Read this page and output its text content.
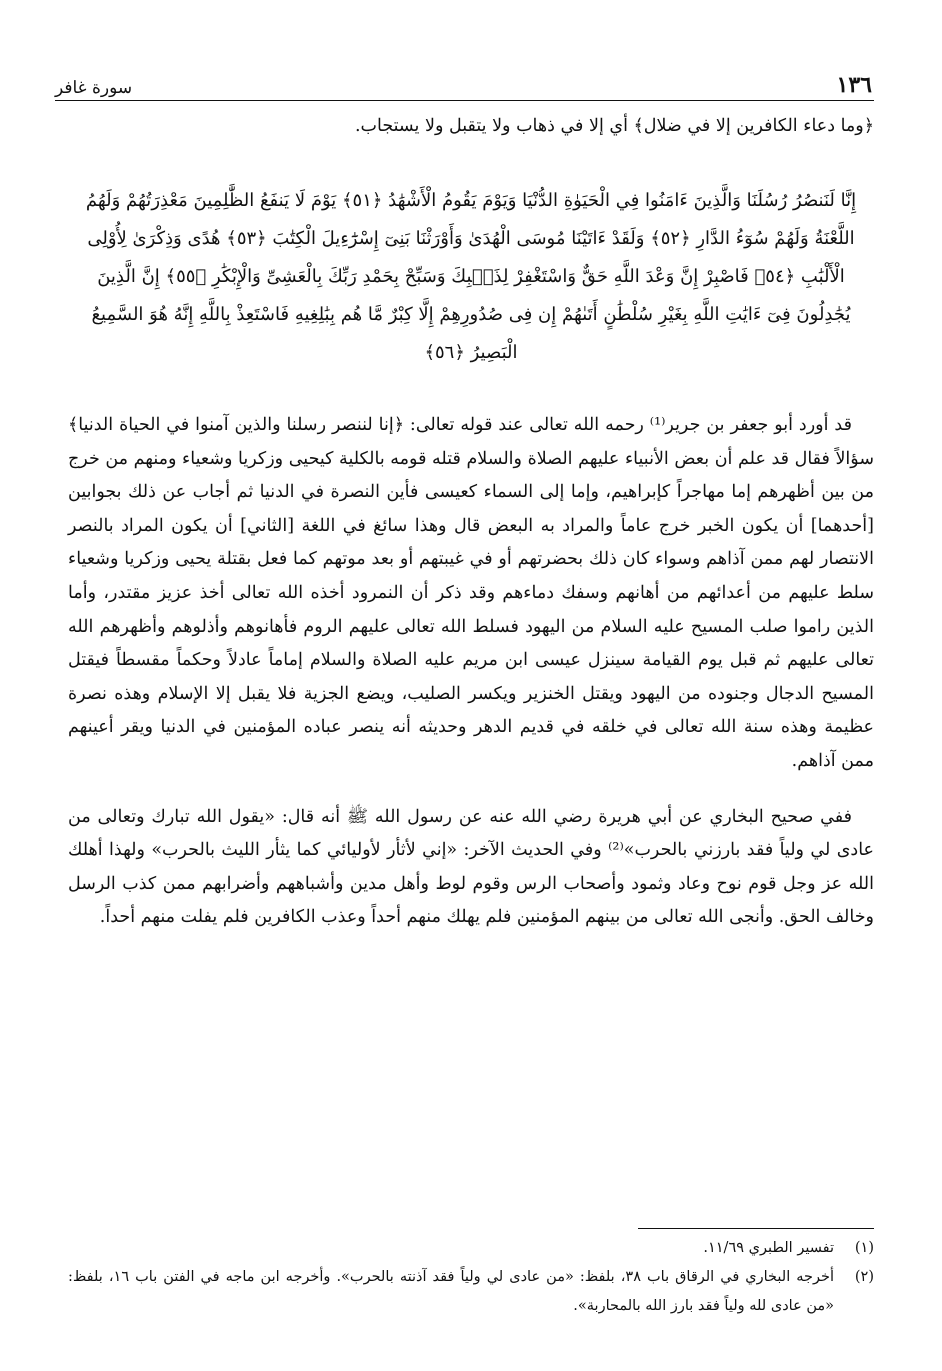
١٣٦
سورة غافر

﴿وما دعاء الكافرين إلا في ضلال﴾ أي إلا في ذهاب ولا يتقبل ولا يستجاب.

إِنَّا لَنَنصُرُ رُسُلَنَا وَالَّذِينَ ءَامَنُوا فِي الْحَيَوٰةِ الدُّنْيَا وَيَوْمَ يَقُومُ الْأَشْهَٰدُ ﴿٥١﴾ يَوْمَ لَا يَنفَعُ الظَّٰلِمِينَ مَعْذِرَتُهُمْ وَلَهُمُ اللَّعْنَةُ وَلَهُمْ سُوٓءُ الدَّارِ ﴿٥٢﴾ وَلَقَدْ ءَاتَيْنَا مُوسَى الْهُدَىٰ وَأَوْرَثْنَا بَنِىٓ إِسْرَٰٓءِيلَ الْكِتَٰبَ ﴿٥٣﴾ هُدًى وَذِكْرَىٰ لِأُوْلِى الْأَلْبَٰبِ ﴿٥٤﴾ فَاصْبِرْ إِنَّ وَعْدَ اللَّهِ حَقٌّ وَاسْتَغْفِرْ لِذَنۢبِكَ وَسَبِّحْ بِحَمْدِ رَبِّكَ بِالْعَشِىِّ وَالْإِبْكَٰرِ ﴿٥٥﴾ إِنَّ الَّذِينَ يُجَٰدِلُونَ فِىٓ ءَايَٰتِ اللَّهِ بِغَيْرِ سُلْطَٰنٍ أَتَىٰهُمْ إِن فِى صُدُورِهِمْ إِلَّا كِبْرٌ مَّا هُم بِبَٰلِغِيهِ فَاسْتَعِذْ بِاللَّهِ إِنَّهُ هُوَ السَّمِيعُ الْبَصِيرُ ﴿٥٦﴾

قد أورد أبو جعفر بن جرير⁽¹⁾ رحمه الله تعالى عند قوله تعالى: ﴿إنا لننصر رسلنا والذين آمنوا في الحياة الدنيا﴾ سؤالاً فقال قد علم أن بعض الأنبياء عليهم الصلاة والسلام قتله قومه بالكلية كيحيى وزكريا وشعياء ومنهم من خرج من بين أظهرهم إما مهاجراً كإبراهيم، وإما إلى السماء كعيسى فأين النصرة في الدنيا ثم أجاب عن ذلك بجوابين [أحدهما] أن يكون الخبر خرج عاماً والمراد به البعض قال وهذا سائغ في اللغة [الثاني] أن يكون المراد بالنصر الانتصار لهم ممن آذاهم وسواء كان ذلك بحضرتهم أو في غيبتهم أو بعد موتهم كما فعل بقتلة يحيى وزكريا وشعياء سلط عليهم من أعدائهم من أهانهم وسفك دماءهم وقد ذكر أن النمرود أخذه الله تعالى أخذ عزيز مقتدر، وأما الذين راموا صلب المسيح عليه السلام من اليهود فسلط الله تعالى عليهم الروم فأهانوهم وأذلوهم وأظهرهم الله تعالى عليهم ثم قبل يوم القيامة سينزل عيسى ابن مريم عليه الصلاة والسلام إماماً عادلاً وحكماً مقسطاً فيقتل المسيح الدجال وجنوده من اليهود ويقتل الخنزير ويكسر الصليب، ويضع الجزية فلا يقبل إلا الإسلام وهذه نصرة عظيمة وهذه سنة الله تعالى في خلقه في قديم الدهر وحديثه أنه ينصر عباده المؤمنين في الدنيا ويقر أعينهم ممن آذاهم.

ففي صحيح البخاري عن أبي هريرة رضي الله عنه عن رسول الله ﷺ أنه قال: «يقول الله تبارك وتعالى من عادى لي ولياً فقد بارزني بالحرب»⁽²⁾ وفي الحديث الآخر: «إني لأثأر لأوليائي كما يثأر الليث بالحرب» ولهذا أهلك الله عز وجل قوم نوح وعاد وثمود وأصحاب الرس وقوم لوط وأهل مدين وأشباههم وأضرابهم ممن كذب الرسل وخالف الحق. وأنجى الله تعالى من بينهم المؤمنين فلم يهلك منهم أحداً وعذب الكافرين فلم يفلت منهم أحداً.

(١)
تفسير الطبري ١١/٦٩.
(٢)
أخرجه البخاري في الرقاق باب ٣٨، بلفظ: «من عادى لي ولياً فقد آذنته بالحرب». وأخرجه ابن ماجه في الفتن باب ١٦، بلفظ: «من عادى لله ولياً فقد بارز الله بالمحاربة».
